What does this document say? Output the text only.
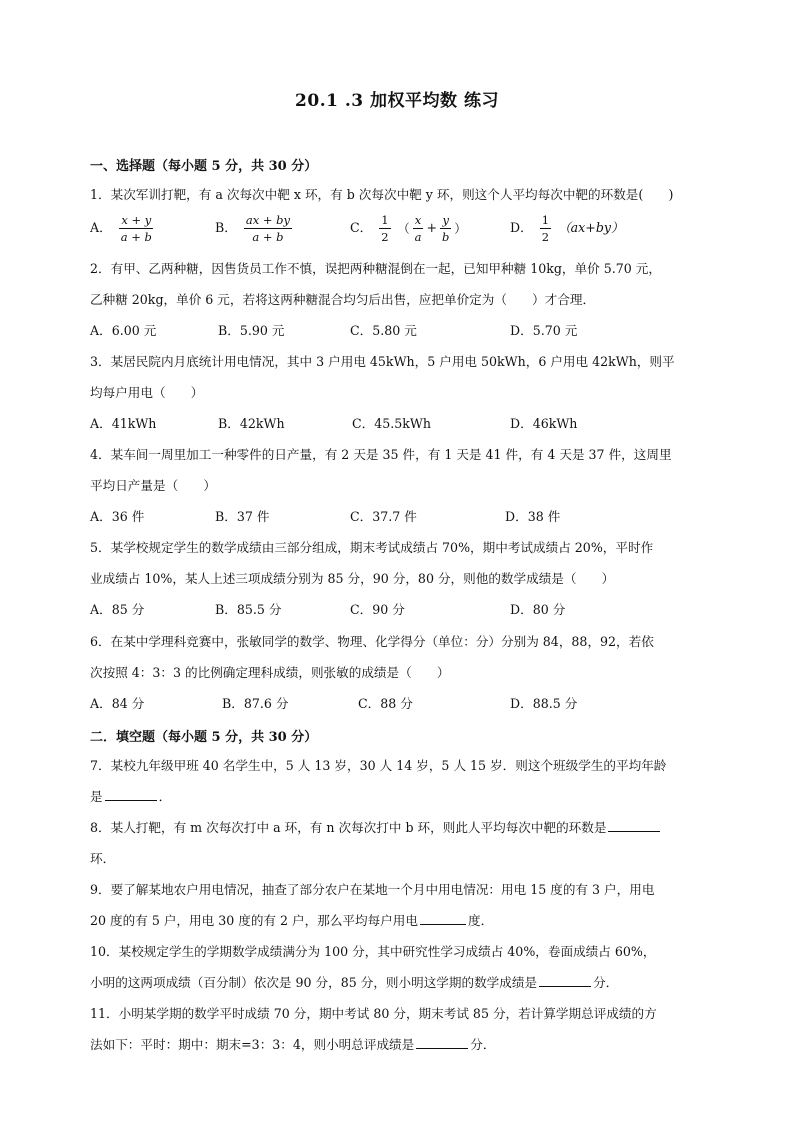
20.1 .3 加权平均数 练习
一、选择题（每小题 5 分，共 30 分）
1．某次军训打靶，有 a 次每次中靶 x 环，有 b 次每次中靶 y 环，则这个人平均每次中靶的环数是(　　)
A． $\frac{x + y}{a + b}$	B． $\frac{ax + by}{a + b}$	C． $\frac{1}{2}$ （ $\frac{x}{a} + \frac{y}{b}$ ）	D． $\frac{1}{2} (ax+by)$
2．有甲、乙两种糖，因售货员工作不慎，误把两种糖混倒在一起，已知甲种糖 10kg，单价 5.70 元，
乙种糖 20kg，单价 6 元，若将这两种糖混合均匀后出售，应把单价定为（　　）才合理．
A．6.00 元	B．5.90 元	C．5.80 元	D．5.70 元
3．某居民院内月底统计用电情况，其中 3 户用电 45kWh，5 户用电 50kWh，6 户用电 42kWh，则平
均每户用电（　　）
A．41kWh	B．42kWh	C．45.5kWh	D．46kWh
4．某车间一周里加工一种零件的日产量，有 2 天是 35 件，有 1 天是 41 件，有 4 天是 37 件，这周里
平均日产量是（　　）
A．36 件	B．37 件	C．37.7 件	D．38 件
5．某学校规定学生的数学成绩由三部分组成，期末考试成绩占 70%，期中考试成绩占 20%，平时作
业成绩占 10%，某人上述三项成绩分别为 85 分，90 分，80 分，则他的数学成绩是（　　）
A．85 分	B．85.5 分	C．90 分	D．80 分
6．在某中学理科竞赛中，张敏同学的数学、物理、化学得分（单位：分）分别为 84，88，92，若依
次按照 4：3：3 的比例确定理科成绩，则张敏的成绩是（　　）
A．84 分	B．87.6 分	C．88 分	D．88.5 分
二．填空题（每小题 5 分，共 30 分）
7．某校九年级甲班 40 名学生中，5 人 13 岁，30 人 14 岁，5 人 15 岁．则这个班级学生的平均年龄
是	．
8．某人打靶，有 m 次每次打中 a 环，有 n 次每次打中 b 环，则此人平均每次中靶的环数是
环．
9．要了解某地农户用电情况，抽查了部分农户在某地一个月中用电情况：用电 15 度的有 3 户，用电
20 度的有 5 户，用电 30 度的有 2 户，那么平均每户用电	度．
10．某校规定学生的学期数学成绩满分为 100 分，其中研究性学习成绩占 40%，卷面成绩占 60%，
小明的这两项成绩（百分制）依次是 90 分，85 分，则小明这学期的数学成绩是	分．
11．小明某学期的数学平时成绩 70 分，期中考试 80 分，期末考试 85 分，若计算学期总评成绩的方
法如下：平时：期中：期末=3：3：4，则小明总评成绩是	分．
